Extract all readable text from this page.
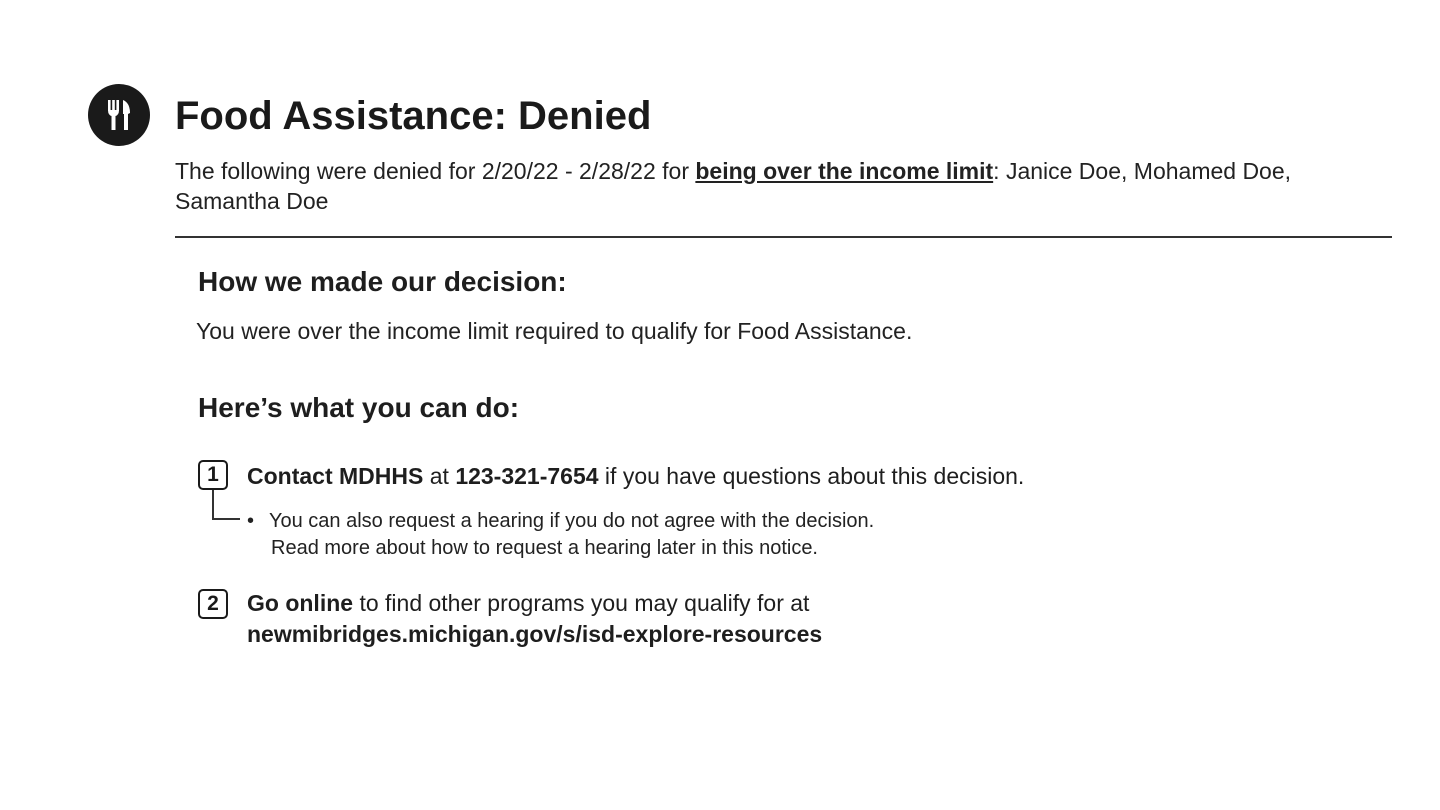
Food Assistance: Denied

The following were denied for 2/20/22 - 2/28/22 for being over the income limit: Janice Doe, Mohamed Doe, Samantha Doe

How we made our decision:

You were over the income limit required to qualify for Food Assistance.

Here’s what you can do:
1	Contact MDHHS at 123-321-7654 if you have questions about this decision.

• You can also request a hearing if you do not agree with the decision.
Read more about how to request a hearing later in this notice.

2	Go online to find other programs you may qualify for at
newmibridges.michigan.gov/s/isd-explore-resources
